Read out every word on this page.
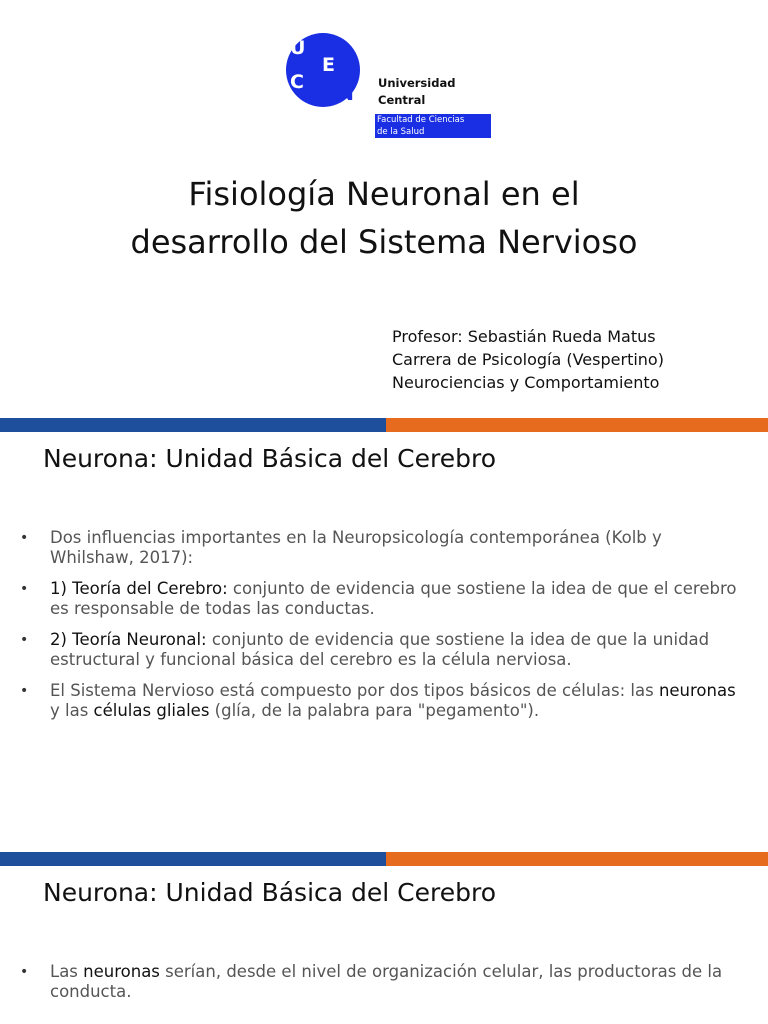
U
C
E
N Universidad
Central
Facultad de Ciencias
de la Salud
Fisiología Neuronal en el
desarrollo del Sistema Nervioso
Profesor: Sebastián Rueda Matus
Carrera de Psicología (Vespertino)
Neurociencias y Comportamiento
Neurona: Unidad Básica del Cerebro
• Dos influencias importantes en la Neuropsicología contemporánea (Kolb y Whilshaw, 2017):
• 1) Teoría del Cerebro: conjunto de evidencia que sostiene la idea de que el cerebro es responsable de todas las conductas.
• 2) Teoría Neuronal: conjunto de evidencia que sostiene la idea de que la unidad estructural y funcional básica del cerebro es la célula nerviosa.
• El Sistema Nervioso está compuesto por dos tipos básicos de células: las neuronas y las células gliales (glía, de la palabra para "pegamento").
Neurona: Unidad Básica del Cerebro
• Las neuronas serían, desde el nivel de organización celular, las productoras de la conducta.
